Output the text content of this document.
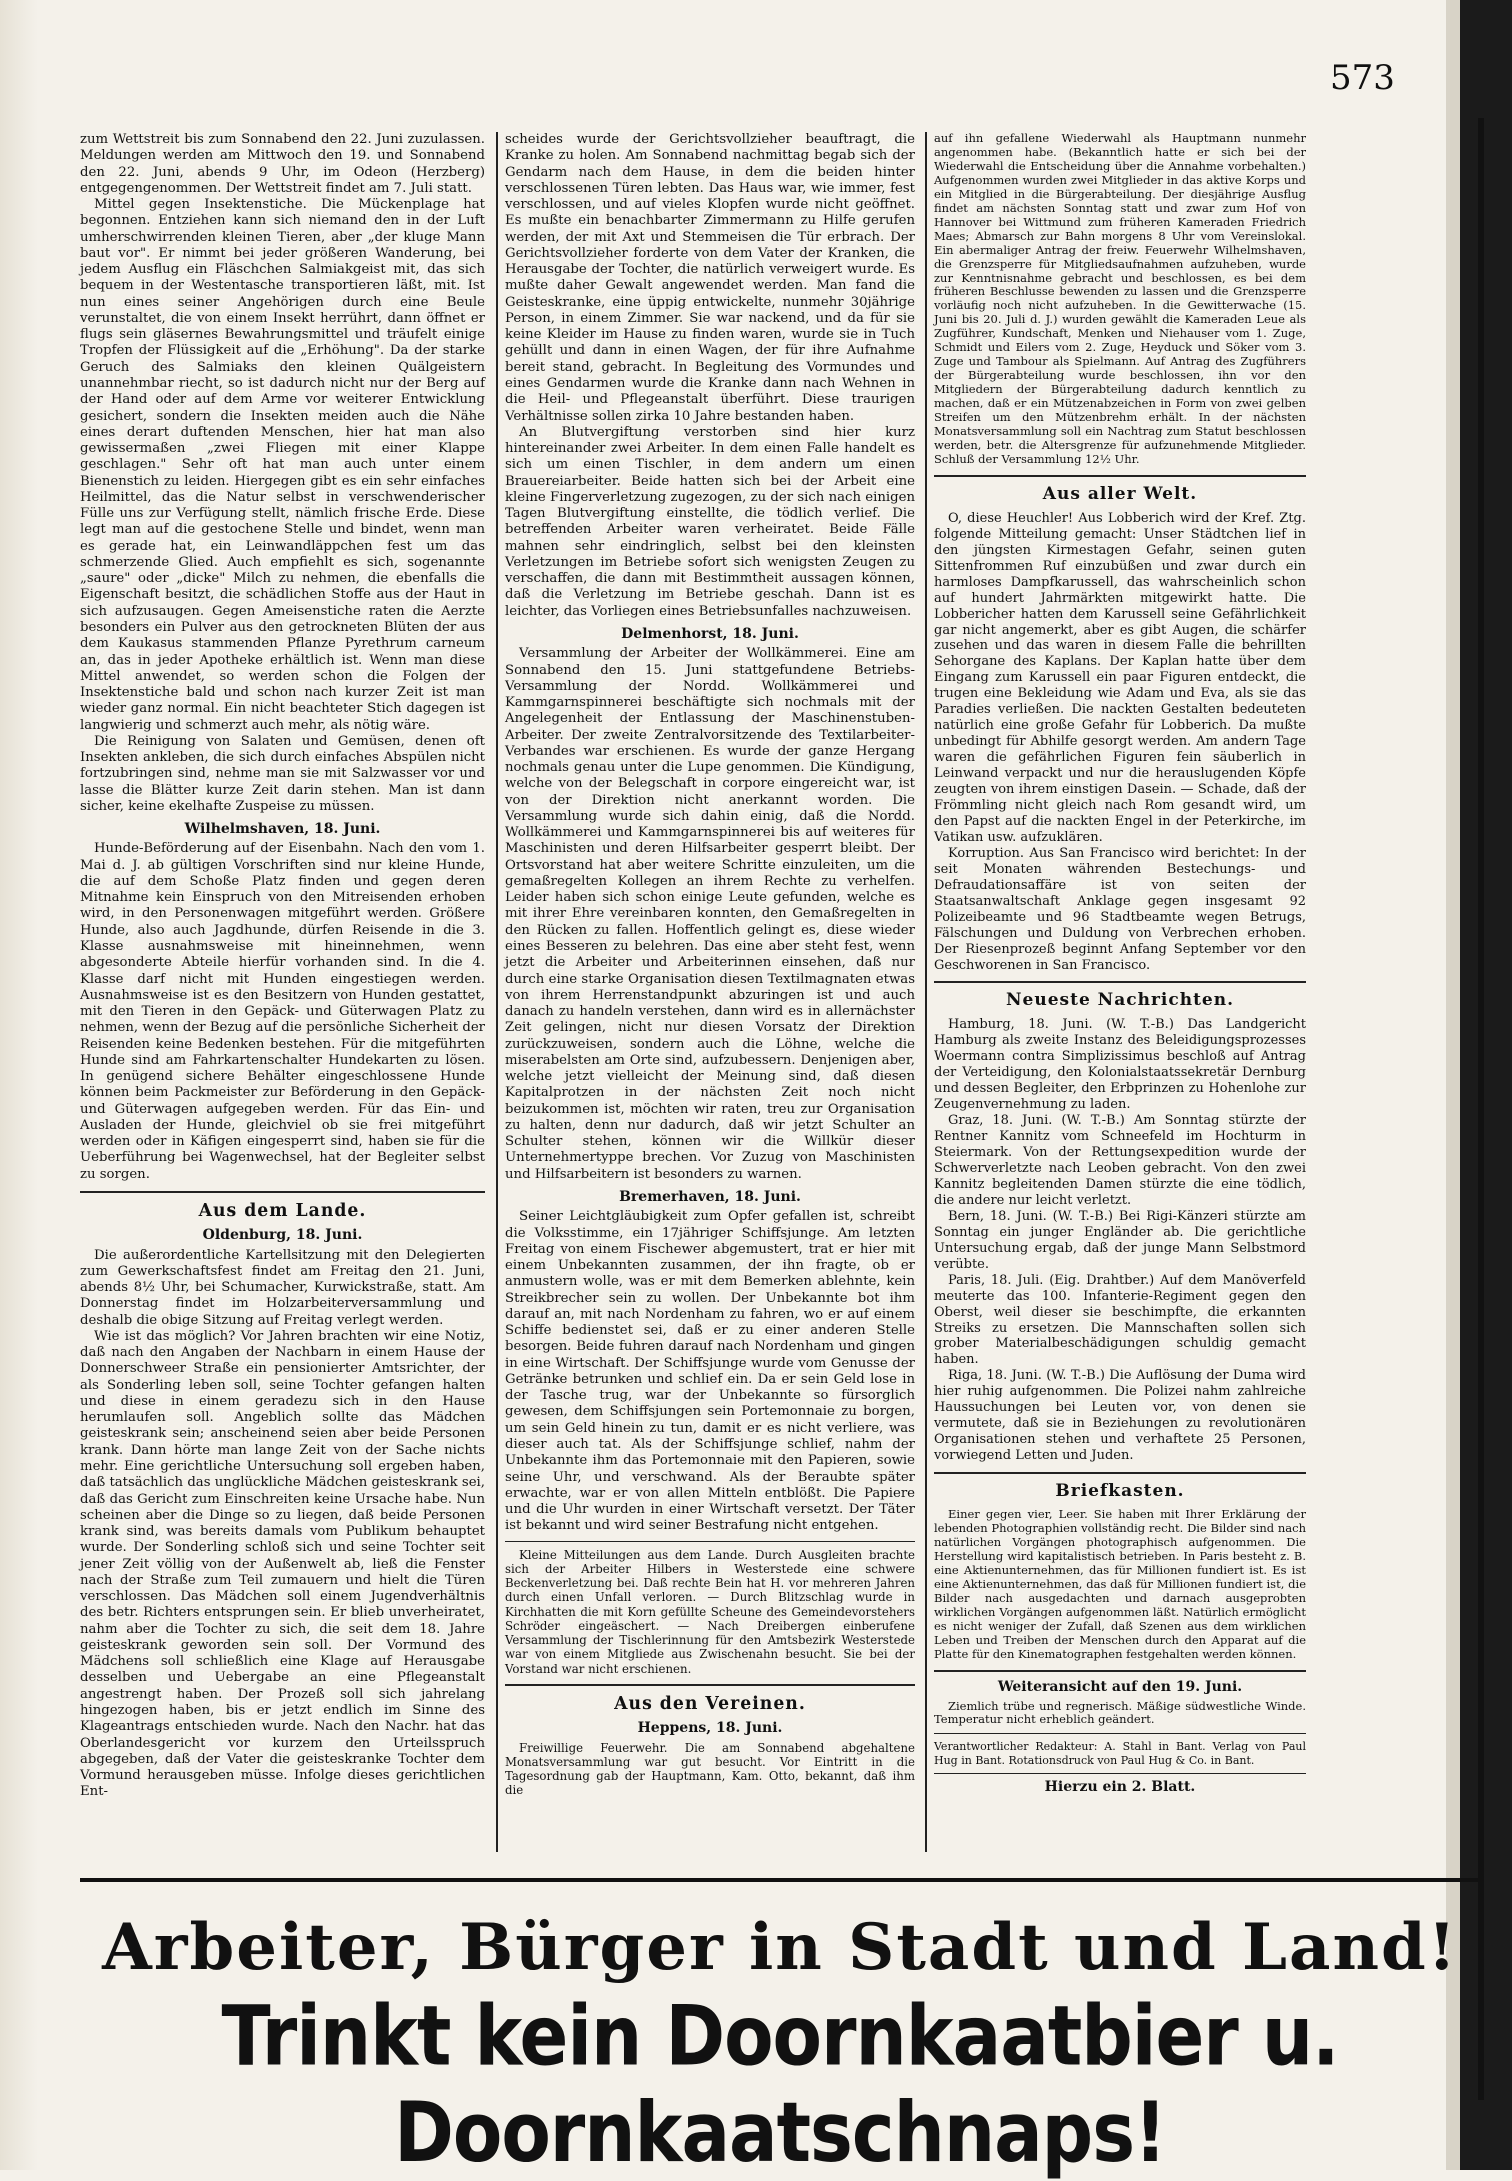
573

zum Wettstreit bis zum Sonnabend den 22. Juni zuzulassen. Meldungen werden am Mittwoch den 19. und Sonnabend den 22. Juni, abends 9 Uhr, im Odeon (Herzberg) entgegengenommen. Der Wettstreit findet am 7. Juli statt.

Mittel gegen Insektenstiche. Die Mückenplage hat begonnen. Entziehen kann sich niemand den in der Luft umherschwirrenden kleinen Tieren, aber „der kluge Mann baut vor". Er nimmt bei jeder größeren Wanderung, bei jedem Ausflug ein Fläschchen Salmiakgeist mit, das sich bequem in der Westentasche transportieren läßt, mit. Ist nun eines seiner Angehörigen durch eine Beule verunstaltet, die von einem Insekt herrührt, dann öffnet er flugs sein gläsernes Bewahrungsmittel und träufelt einige Tropfen der Flüssigkeit auf die „Erhöhung". Da der starke Geruch des Salmiaks den kleinen Quälgeistern unannehmbar riecht, so ist dadurch nicht nur der Berg auf der Hand oder auf dem Arme vor weiterer Entwicklung gesichert, sondern die Insekten meiden auch die Nähe eines derart duftenden Menschen, hier hat man also gewissermaßen „zwei Fliegen mit einer Klappe geschlagen." Sehr oft hat man auch unter einem Bienenstich zu leiden. Hiergegen gibt es ein sehr einfaches Heilmittel, das die Natur selbst in verschwenderischer Fülle uns zur Verfügung stellt, nämlich frische Erde. Diese legt man auf die gestochene Stelle und bindet, wenn man es gerade hat, ein Leinwandläppchen fest um das schmerzende Glied. Auch empfiehlt es sich, sogenannte „saure" oder „dicke" Milch zu nehmen, die ebenfalls die Eigenschaft besitzt, die schädlichen Stoffe aus der Haut in sich aufzusaugen. Gegen Ameisenstiche raten die Aerzte besonders ein Pulver aus den getrockneten Blüten der aus dem Kaukasus stammenden Pflanze Pyrethrum carneum an, das in jeder Apotheke erhältlich ist. Wenn man diese Mittel anwendet, so werden schon die Folgen der Insektenstiche bald und schon nach kurzer Zeit ist man wieder ganz normal. Ein nicht beachteter Stich dagegen ist langwierig und schmerzt auch mehr, als nötig wäre.

Die Reinigung von Salaten und Gemüsen, denen oft Insekten ankleben, die sich durch einfaches Abspülen nicht fortzubringen sind, nehme man sie mit Salzwasser vor und lasse die Blätter kurze Zeit darin stehen. Man ist dann sicher, keine ekelhafte Zuspeise zu müssen.

Wilhelmshaven, 18. Juni.

Hunde-Beförderung auf der Eisenbahn. Nach den vom 1. Mai d. J. ab gültigen Vorschriften sind nur kleine Hunde, die auf dem Schoße Platz finden und gegen deren Mitnahme kein Einspruch von den Mitreisenden erhoben wird, in den Personenwagen mitgeführt werden. Größere Hunde, also auch Jagdhunde, dürfen Reisende in die 3. Klasse ausnahmsweise mit hineinnehmen, wenn abgesonderte Abteile hierfür vorhanden sind. In die 4. Klasse darf nicht mit Hunden eingestiegen werden. Ausnahmsweise ist es den Besitzern von Hunden gestattet, mit den Tieren in den Gepäck- und Güterwagen Platz zu nehmen, wenn der Bezug auf die persönliche Sicherheit der Reisenden keine Bedenken bestehen. Für die mitgeführten Hunde sind am Fahrkartenschalter Hundekarten zu lösen. In genügend sichere Behälter eingeschlossene Hunde können beim Packmeister zur Beförderung in den Gepäck- und Güterwagen aufgegeben werden. Für das Ein- und Ausladen der Hunde, gleichviel ob sie frei mitgeführt werden oder in Käfigen eingesperrt sind, haben sie für die Ueberführung bei Wagenwechsel, hat der Begleiter selbst zu sorgen.

Aus dem Lande.
Oldenburg, 18. Juni.

Die außerordentliche Kartellsitzung mit den Delegierten zum Gewerkschaftsfest findet am Freitag den 21. Juni, abends 8½ Uhr, bei Schumacher, Kurwickstraße, statt. Am Donnerstag findet im Holzarbeiterversammlung und deshalb die obige Sitzung auf Freitag verlegt werden.

Wie ist das möglich? Vor Jahren brachten wir eine Notiz, daß nach den Angaben der Nachbarn in einem Hause der Donnerschweer Straße ein pensionierter Amtsrichter, der als Sonderling leben soll, seine Tochter gefangen halten und diese in einem geradezu sich in den Hause herumlaufen soll. Angeblich sollte das Mädchen geisteskrank sein; anscheinend seien aber beide Personen krank. Dann hörte man lange Zeit von der Sache nichts mehr. Eine gerichtliche Untersuchung soll ergeben haben, daß tatsächlich das unglückliche Mädchen geisteskrank sei, daß das Gericht zum Einschreiten keine Ursache habe. Nun scheinen aber die Dinge so zu liegen, daß beide Personen krank sind, was bereits damals vom Publikum behauptet wurde. Der Sonderling schloß sich und seine Tochter seit jener Zeit völlig von der Außenwelt ab, ließ die Fenster nach der Straße zum Teil zumauern und hielt die Türen verschlossen. Das Mädchen soll einem Jugendverhältnis des betr. Richters entsprungen sein. Er blieb unverheiratet, nahm aber die Tochter zu sich, die seit dem 18. Jahre geisteskrank geworden sein soll. Der Vormund des Mädchens soll schließlich eine Klage auf Herausgabe desselben und Uebergabe an eine Pflegeanstalt angestrengt haben. Der Prozeß soll sich jahrelang hingezogen haben, bis er jetzt endlich im Sinne des Klageantrags entschieden wurde. Nach den Nachr. hat das Oberlandesgericht vor kurzem den Urteilsspruch abgegeben, daß der Vater die geisteskranke Tochter dem Vormund herausgeben müsse. Infolge dieses gerichtlichen Ent-

scheides wurde der Gerichtsvollzieher beauftragt, die Kranke zu holen. Am Sonnabend nachmittag begab sich der Gendarm nach dem Hause, in dem die beiden hinter verschlossenen Türen lebten. Das Haus war, wie immer, fest verschlossen, und auf vieles Klopfen wurde nicht geöffnet. Es mußte ein benachbarter Zimmermann zu Hilfe gerufen werden, der mit Axt und Stemmeisen die Tür erbrach. Der Gerichtsvollzieher forderte von dem Vater der Kranken, die Herausgabe der Tochter, die natürlich verweigert wurde. Es mußte daher Gewalt angewendet werden. Man fand die Geisteskranke, eine üppig entwickelte, nunmehr 30jährige Person, in einem Zimmer. Sie war nackend, und da für sie keine Kleider im Hause zu finden waren, wurde sie in Tuch gehüllt und dann in einen Wagen, der für ihre Aufnahme bereit stand, gebracht. In Begleitung des Vormundes und eines Gendarmen wurde die Kranke dann nach Wehnen in die Heil- und Pflegeanstalt überführt. Diese traurigen Verhältnisse sollen zirka 10 Jahre bestanden haben.

An Blutvergiftung verstorben sind hier kurz hintereinander zwei Arbeiter. In dem einen Falle handelt es sich um einen Tischler, in dem andern um einen Brauereiarbeiter. Beide hatten sich bei der Arbeit eine kleine Fingerverletzung zugezogen, zu der sich nach einigen Tagen Blutvergiftung einstellte, die tödlich verlief. Die betreffenden Arbeiter waren verheiratet. Beide Fälle mahnen sehr eindringlich, selbst bei den kleinsten Verletzungen im Betriebe sofort sich wenigsten Zeugen zu verschaffen, die dann mit Bestimmtheit aussagen können, daß die Verletzung im Betriebe geschah. Dann ist es leichter, das Vorliegen eines Betriebsunfalles nachzuweisen.

Delmenhorst, 18. Juni.

Versammlung der Arbeiter der Wollkämmerei. Eine am Sonnabend den 15. Juni stattgefundene Betriebs-Versammlung der Nordd. Wollkämmerei und Kammgarnspinnerei beschäftigte sich nochmals mit der Angelegenheit der Entlassung der Maschinenstuben-Arbeiter. Der zweite Zentralvorsitzende des Textilarbeiter-Verbandes war erschienen. Es wurde der ganze Hergang nochmals genau unter die Lupe genommen. Die Kündigung, welche von der Belegschaft in corpore eingereicht war, ist von der Direktion nicht anerkannt worden. Die Versammlung wurde sich dahin einig, daß die Nordd. Wollkämmerei und Kammgarnspinnerei bis auf weiteres für Maschinisten und deren Hilfsarbeiter gesperrt bleibt. Der Ortsvorstand hat aber weitere Schritte einzuleiten, um die gemaßregelten Kollegen an ihrem Rechte zu verhelfen. Leider haben sich schon einige Leute gefunden, welche es mit ihrer Ehre vereinbaren konnten, den Gemaßregelten in den Rücken zu fallen. Hoffentlich gelingt es, diese wieder eines Besseren zu belehren. Das eine aber steht fest, wenn jetzt die Arbeiter und Arbeiterinnen einsehen, daß nur durch eine starke Organisation diesen Textilmagnaten etwas von ihrem Herrenstandpunkt abzuringen ist und auch danach zu handeln verstehen, dann wird es in allernächster Zeit gelingen, nicht nur diesen Vorsatz der Direktion zurückzuweisen, sondern auch die Löhne, welche die miserabelsten am Orte sind, aufzubessern. Denjenigen aber, welche jetzt vielleicht der Meinung sind, daß diesen Kapitalprotzen in der nächsten Zeit noch nicht beizukommen ist, möchten wir raten, treu zur Organisation zu halten, denn nur dadurch, daß wir jetzt Schulter an Schulter stehen, können wir die Willkür dieser Unternehmertyppe brechen. Vor Zuzug von Maschinisten und Hilfsarbeitern ist besonders zu warnen.

Bremerhaven, 18. Juni.

Seiner Leichtgläubigkeit zum Opfer gefallen ist, schreibt die Volksstimme, ein 17jähriger Schiffsjunge. Am letzten Freitag von einem Fischewer abgemustert, trat er hier mit einem Unbekannten zusammen, der ihn fragte, ob er anmustern wolle, was er mit dem Bemerken ablehnte, kein Streikbrecher sein zu wollen. Der Unbekannte bot ihm darauf an, mit nach Nordenham zu fahren, wo er auf einem Schiffe bedienstet sei, daß er zu einer anderen Stelle besorgen. Beide fuhren darauf nach Nordenham und gingen in eine Wirtschaft. Der Schiffsjunge wurde vom Genusse der Getränke betrunken und schlief ein. Da er sein Geld lose in der Tasche trug, war der Unbekannte so fürsorglich gewesen, dem Schiffsjungen sein Portemonnaie zu borgen, um sein Geld hinein zu tun, damit er es nicht verliere, was dieser auch tat. Als der Schiffsjunge schlief, nahm der Unbekannte ihm das Portemonnaie mit den Papieren, sowie seine Uhr, und verschwand. Als der Beraubte später erwachte, war er von allen Mitteln entblößt. Die Papiere und die Uhr wurden in einer Wirtschaft versetzt. Der Täter ist bekannt und wird seiner Bestrafung nicht entgehen.

Kleine Mitteilungen aus dem Lande. Durch Ausgleiten brachte sich der Arbeiter Hilbers in Westerstede eine schwere Beckenverletzung bei. Daß rechte Bein hat H. vor mehreren Jahren durch einen Unfall verloren. — Durch Blitzschlag wurde in Kirchhatten die mit Korn gefüllte Scheune des Gemeindevorstehers Schröder eingeäschert. — Nach Dreibergen einberufene Versammlung der Tischlerinnung für den Amtsbezirk Westerstede war von einem Mitgliede aus Zwischenahn besucht. Sie bei der Vorstand war nicht erschienen.

Aus den Vereinen.
Heppens, 18. Juni.

Freiwillige Feuerwehr. Die am Sonnabend abgehaltene Monatsversammlung war gut besucht. Vor Eintritt in die Tagesordnung gab der Hauptmann, Kam. Otto, bekannt, daß ihm die

auf ihn gefallene Wiederwahl als Hauptmann nunmehr angenommen habe. (Bekanntlich hatte er sich bei der Wiederwahl die Entscheidung über die Annahme vorbehalten.) Aufgenommen wurden zwei Mitglieder in das aktive Korps und ein Mitglied in die Bürgerabteilung. Der diesjährige Ausflug findet am nächsten Sonntag statt und zwar zum Hof von Hannover bei Wittmund zum früheren Kameraden Friedrich Maes; Abmarsch zur Bahn morgens 8 Uhr vom Vereinslokal. Ein abermaliger Antrag der freiw. Feuerwehr Wilhelmshaven, die Grenzsperre für Mitgliedsaufnahmen aufzuheben, wurde zur Kenntnisnahme gebracht und beschlossen, es bei dem früheren Beschlusse bewenden zu lassen und die Grenzsperre vorläufig noch nicht aufzuheben. In die Gewitterwache (15. Juni bis 20. Juli d. J.) wurden gewählt die Kameraden Leue als Zugführer, Kundschaft, Menken und Niehauser vom 1. Zuge, Schmidt und Eilers vom 2. Zuge, Heyduck und Söker vom 3. Zuge und Tambour als Spielmann. Auf Antrag des Zugführers der Bürgerabteilung wurde beschlossen, ihn vor den Mitgliedern der Bürgerabteilung dadurch kenntlich zu machen, daß er ein Mützenabzeichen in Form von zwei gelben Streifen um den Mützenbrehm erhält. In der nächsten Monatsversammlung soll ein Nachtrag zum Statut beschlossen werden, betr. die Altersgrenze für aufzunehmende Mitglieder. Schluß der Versammlung 12½ Uhr.

Aus aller Welt.

O, diese Heuchler! Aus Lobberich wird der Kref. Ztg. folgende Mitteilung gemacht: Unser Städtchen lief in den jüngsten Kirmestagen Gefahr, seinen guten Sittenfrommen Ruf einzubüßen und zwar durch ein harmloses Dampfkarussell, das wahrscheinlich schon auf hundert Jahrmärkten mitgewirkt hatte. Die Lobbericher hatten dem Karussell seine Gefährlichkeit gar nicht angemerkt, aber es gibt Augen, die schärfer zusehen und das waren in diesem Falle die behrillten Sehorgane des Kaplans. Der Kaplan hatte über dem Eingang zum Karussell ein paar Figuren entdeckt, die trugen eine Bekleidung wie Adam und Eva, als sie das Paradies verließen. Die nackten Gestalten bedeuteten natürlich eine große Gefahr für Lobberich. Da mußte unbedingt für Abhilfe gesorgt werden. Am andern Tage waren die gefährlichen Figuren fein säuberlich in Leinwand verpackt und nur die herauslugenden Köpfe zeugten von ihrem einstigen Dasein. — Schade, daß der Frömmling nicht gleich nach Rom gesandt wird, um den Papst auf die nackten Engel in der Peterkirche, im Vatikan usw. aufzuklären.

Korruption. Aus San Francisco wird berichtet: In der seit Monaten währenden Bestechungs- und Defraudationsaffäre ist von seiten der Staatsanwaltschaft Anklage gegen insgesamt 92 Polizeibeamte und 96 Stadtbeamte wegen Betrugs, Fälschungen und Duldung von Verbrechen erhoben. Der Riesenprozeß beginnt Anfang September vor den Geschworenen in San Francisco.

Neueste Nachrichten.

Hamburg, 18. Juni. (W. T.-B.) Das Landgericht Hamburg als zweite Instanz des Beleidigungsprozesses Woermann contra Simplizissimus beschloß auf Antrag der Verteidigung, den Kolonialstaatssekretär Dernburg und dessen Begleiter, den Erbprinzen zu Hohenlohe zur Zeugenvernehmung zu laden.

Graz, 18. Juni. (W. T.-B.) Am Sonntag stürzte der Rentner Kannitz vom Schneefeld im Hochturm in Steiermark. Von der Rettungsexpedition wurde der Schwerverletzte nach Leoben gebracht. Von den zwei Kannitz begleitenden Damen stürzte die eine tödlich, die andere nur leicht verletzt.

Bern, 18. Juni. (W. T.-B.) Bei Rigi-Känzeri stürzte am Sonntag ein junger Engländer ab. Die gerichtliche Untersuchung ergab, daß der junge Mann Selbstmord verübte.

Paris, 18. Juli. (Eig. Drahtber.) Auf dem Manöverfeld meuterte das 100. Infanterie-Regiment gegen den Oberst, weil dieser sie beschimpfte, die erkannten Streiks zu ersetzen. Die Mannschaften sollen sich grober Materialbeschädigungen schuldig gemacht haben.

Riga, 18. Juni. (W. T.-B.) Die Auflösung der Duma wird hier ruhig aufgenommen. Die Polizei nahm zahlreiche Haussuchungen bei Leuten vor, von denen sie vermutete, daß sie in Beziehungen zu revolutionären Organisationen stehen und verhaftete 25 Personen, vorwiegend Letten und Juden.

Briefkasten.

Einer gegen vier, Leer. Sie haben mit Ihrer Erklärung der lebenden Photographien vollständig recht. Die Bilder sind nach natürlichen Vorgängen photographisch aufgenommen. Die Herstellung wird kapitalistisch betrieben. In Paris besteht z. B. eine Aktienunternehmen, das für Millionen fundiert ist. Es ist eine Aktienunternehmen, das daß für Millionen fundiert ist, die Bilder nach ausgedachten und darnach ausgeprobten wirklichen Vorgängen aufgenommen läßt. Natürlich ermöglicht es nicht weniger der Zufall, daß Szenen aus dem wirklichen Leben und Treiben der Menschen durch den Apparat auf die Platte für den Kinematographen festgehalten werden können.

Weiteransicht auf den 19. Juni.

Ziemlich trübe und regnerisch. Mäßige südwestliche Winde. Temperatur nicht erheblich geändert.

Verantwortlicher Redakteur: A. Stahl in Bant. Verlag von Paul Hug in Bant. Rotationsdruck von Paul Hug & Co. in Bant.

Hierzu ein 2. Blatt.
Arbeiter, Bürger in Stadt und Land!
Trinkt kein Doornkaatbier u. Doornkaatschnaps!
